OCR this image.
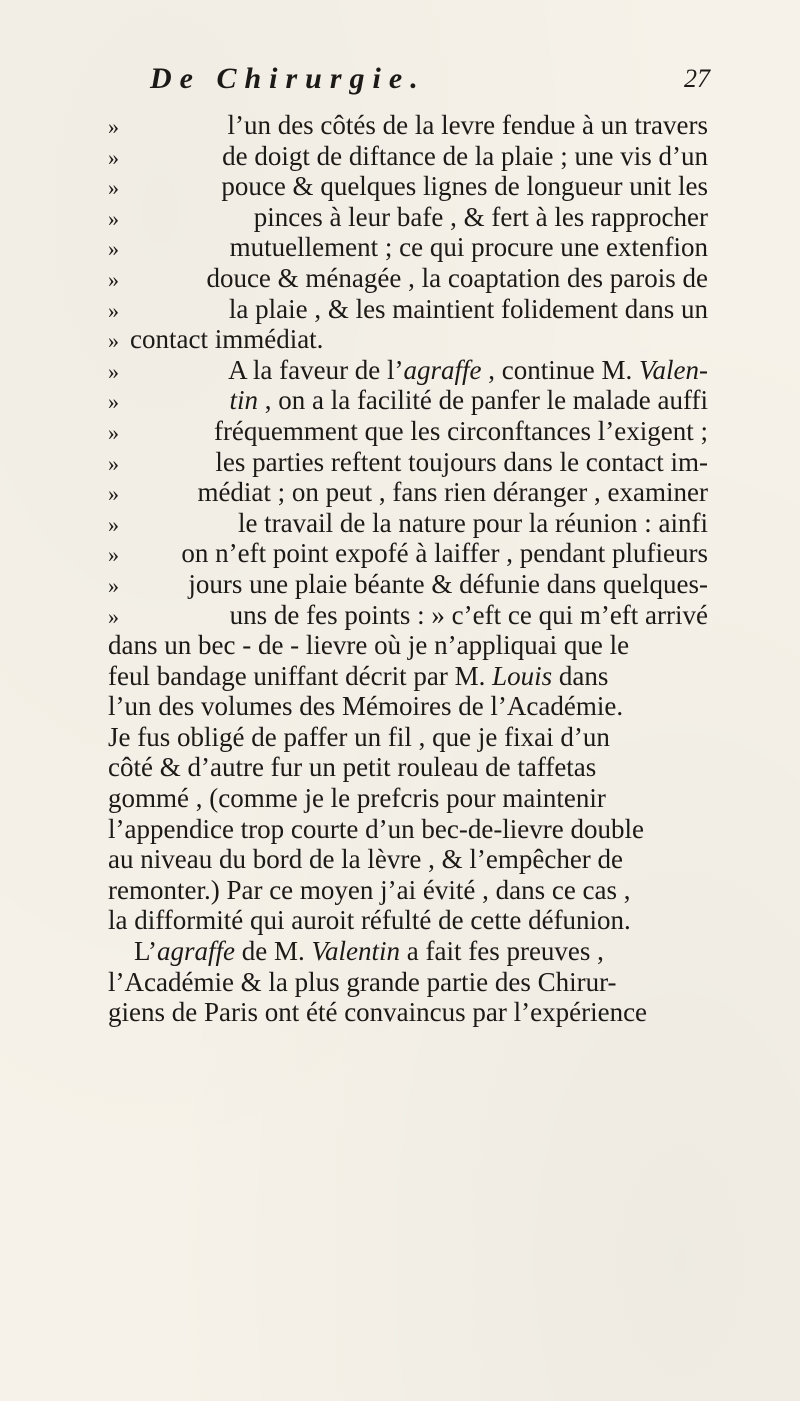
De Chirurgie.	27
»	l’un des côtés de la levre fendue à un travers
»	de doigt de diftance de la plaie ; une vis d’un
»	pouce & quelques lignes de longueur unit les
»	pinces à leur bafe , & fert à les rapprocher
»	mutuellement ; ce qui procure une extenfion
»	douce & ménagée , la coaptation des parois de
»	la plaie , & les maintient folidement dans un
» contact immédiat.
»	A la faveur de l’agraffe , continue M. Valen-
»	tin , on a la facilité de panfer le malade auffi
»	fréquemment que les circonftances l’exigent ;
»	les parties reftent toujours dans le contact im-
»	médiat ; on peut , fans rien déranger , examiner
»	le travail de la nature pour la réunion : ainfi
»	on n’eft point expofé à laiffer , pendant plufieurs
»	jours une plaie béante & défunie dans quelques-
»	uns de fes points : » c’eft ce qui m’eft arrivé
dans un bec - de - lievre où je n’appliquai que le
feul bandage uniffant décrit par M. Louis dans
l’un des volumes des Mémoires de l’Académie.
Je fus obligé de paffer un fil , que je fixai d’un
côté & d’autre fur un petit rouleau de taffetas
gommé , (comme je le prefcris pour maintenir
l’appendice trop courte d’un bec-de-lievre double
au niveau du bord de la lèvre , & l’empêcher de
remonter.) Par ce moyen j’ai évité , dans ce cas ,
la difformité qui auroit réfulté de cette défunion.
L’agraffe de M. Valentin a fait fes preuves ,
l’Académie & la plus grande partie des Chirur-
giens de Paris ont été convaincus par l’expérience
